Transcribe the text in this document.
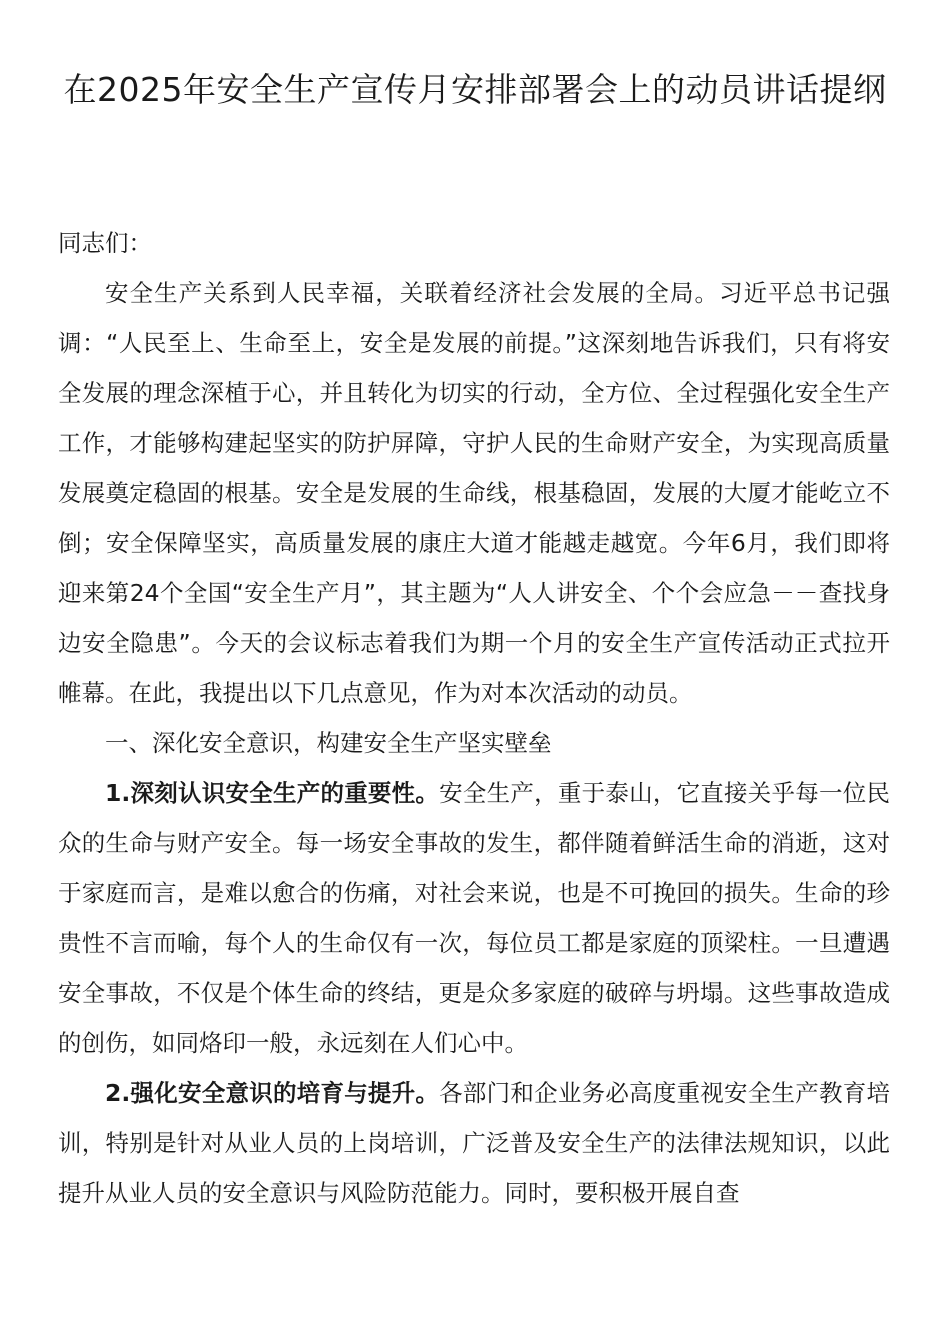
在2025年安全生产宣传月安排部署会上的动员讲话提纲

同志们：

安全生产关系到人民幸福，关联着经济社会发展的全局。习近平总书记强调：“人民至上、生命至上，安全是发展的前提。”这深刻地告诉我们，只有将安全发展的理念深植于心，并且转化为切实的行动，全方位、全过程强化安全生产工作，才能够构建起坚实的防护屏障，守护人民的生命财产安全，为实现高质量发展奠定稳固的根基。安全是发展的生命线，根基稳固，发展的大厦才能屹立不倒；安全保障坚实，高质量发展的康庄大道才能越走越宽。今年6月，我们即将迎来第24个全国“安全生产月”，其主题为“人人讲安全、个个会应急－－查找身边安全隐患”。今天的会议标志着我们为期一个月的安全生产宣传活动正式拉开帷幕。在此，我提出以下几点意见，作为对本次活动的动员。

一、深化安全意识，构建安全生产坚实壁垒

1.深刻认识安全生产的重要性。安全生产，重于泰山，它直接关乎每一位民众的生命与财产安全。每一场安全事故的发生，都伴随着鲜活生命的消逝，这对于家庭而言，是难以愈合的伤痛，对社会来说，也是不可挽回的损失。生命的珍贵性不言而喻，每个人的生命仅有一次，每位员工都是家庭的顶梁柱。一旦遭遇安全事故，不仅是个体生命的终结，更是众多家庭的破碎与坍塌。这些事故造成的创伤，如同烙印一般，永远刻在人们心中。

2.强化安全意识的培育与提升。各部门和企业务必高度重视安全生产教育培训，特别是针对从业人员的上岗培训，广泛普及安全生产的法律法规知识，以此提升从业人员的安全意识与风险防范能力。同时，要积极开展自查
